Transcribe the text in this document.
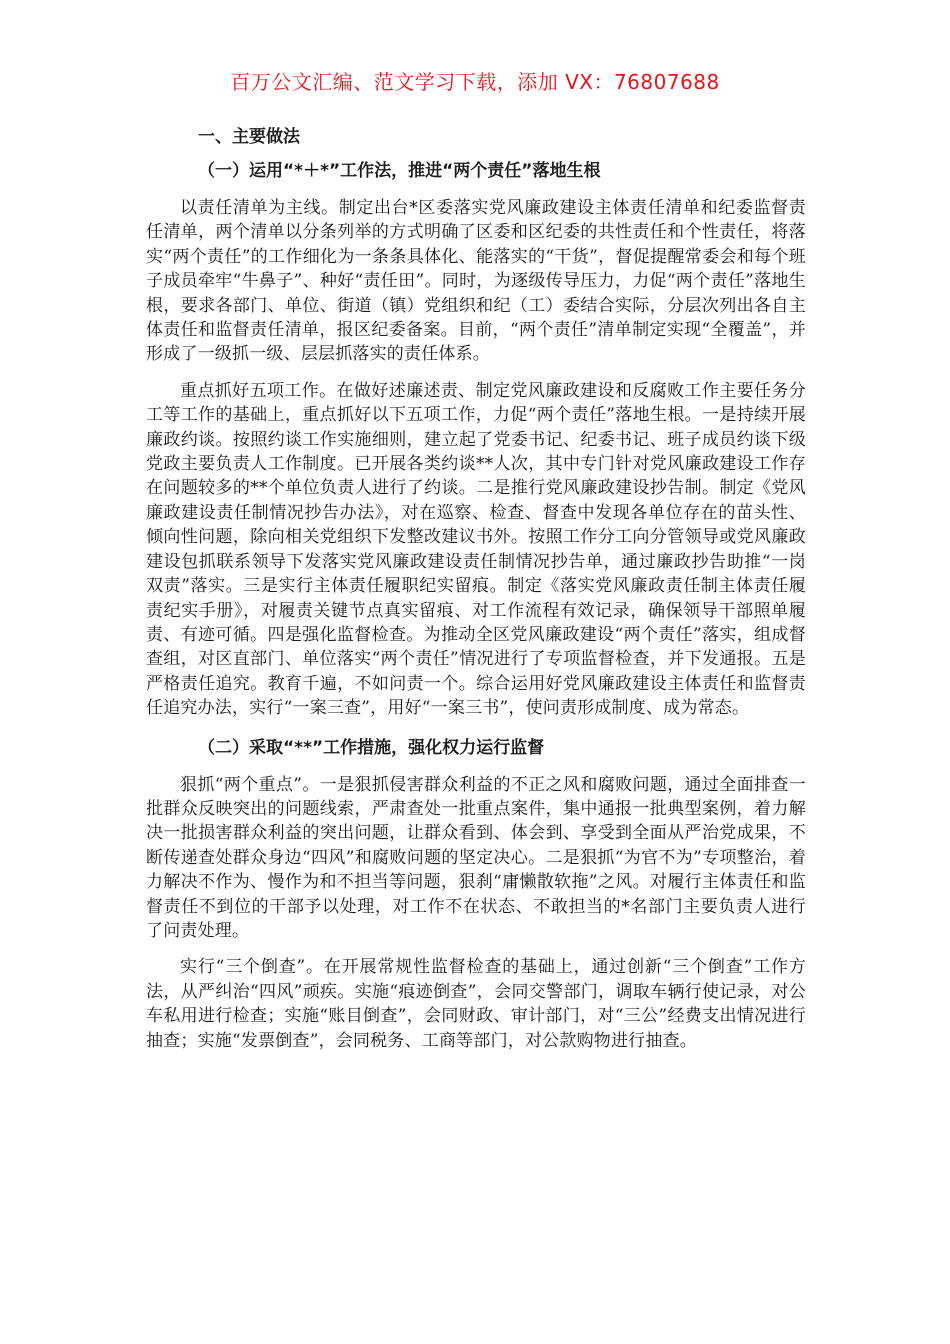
百万公文汇编、范文学习下载，添加 VX：76807688
一、主要做法
（一）运用“*＋*”工作法，推进“两个责任”落地生根

以责任清单为主线。制定出台*区委落实党风廉政建设主体责任清单和纪委监督责任清单，两个清单以分条列举的方式明确了区委和区纪委的共性责任和个性责任，将落实“两个责任”的工作细化为一条条具体化、能落实的“干货”，督促提醒常委会和每个班子成员牵牢“牛鼻子”、种好“责任田”。同时，为逐级传导压力，力促“两个责任”落地生根，要求各部门、单位、街道（镇）党组织和纪（工）委结合实际，分层次列出各自主体责任和监督责任清单，报区纪委备案。目前，“两个责任”清单制定实现“全覆盖”，并形成了一级抓一级、层层抓落实的责任体系。

重点抓好五项工作。在做好述廉述责、制定党风廉政建设和反腐败工作主要任务分工等工作的基础上，重点抓好以下五项工作，力促“两个责任”落地生根。一是持续开展廉政约谈。按照约谈工作实施细则，建立起了党委书记、纪委书记、班子成员约谈下级党政主要负责人工作制度。已开展各类约谈**人次，其中专门针对党风廉政建设工作存在问题较多的**个单位负责人进行了约谈。二是推行党风廉政建设抄告制。制定《党风廉政建设责任制情况抄告办法》，对在巡察、检查、督查中发现各单位存在的苗头性、倾向性问题，除向相关党组织下发整改建议书外。按照工作分工向分管领导或党风廉政建设包抓联系领导下发落实党风廉政建设责任制情况抄告单，通过廉政抄告助推“一岗双责”落实。三是实行主体责任履职纪实留痕。制定《落实党风廉政责任制主体责任履责纪实手册》，对履责关键节点真实留痕、对工作流程有效记录，确保领导干部照单履责、有迹可循。四是强化监督检查。为推动全区党风廉政建设“两个责任”落实，组成督查组，对区直部门、单位落实“两个责任”情况进行了专项监督检查，并下发通报。五是严格责任追究。教育千遍，不如问责一个。综合运用好党风廉政建设主体责任和监督责任追究办法，实行“一案三查”，用好“一案三书”，使问责形成制度、成为常态。

（二）采取“**”工作措施，强化权力运行监督

狠抓“两个重点”。一是狠抓侵害群众利益的不正之风和腐败问题，通过全面排查一批群众反映突出的问题线索，严肃查处一批重点案件，集中通报一批典型案例，着力解决一批损害群众利益的突出问题，让群众看到、体会到、享受到全面从严治党成果，不断传递查处群众身边“四风”和腐败问题的坚定决心。二是狠抓“为官不为”专项整治，着力解决不作为、慢作为和不担当等问题，狠刹“庸懒散软拖”之风。对履行主体责任和监督责任不到位的干部予以处理，对工作不在状态、不敢担当的*名部门主要负责人进行了问责处理。

实行“三个倒查”。在开展常规性监督检查的基础上，通过创新“三个倒查”工作方法，从严纠治“四风”顽疾。实施“痕迹倒查”，会同交警部门，调取车辆行使记录，对公车私用进行检查；实施“账目倒查”，会同财政、审计部门，对“三公”经费支出情况进行抽查；实施“发票倒查”，会同税务、工商等部门，对公款购物进行抽查。
